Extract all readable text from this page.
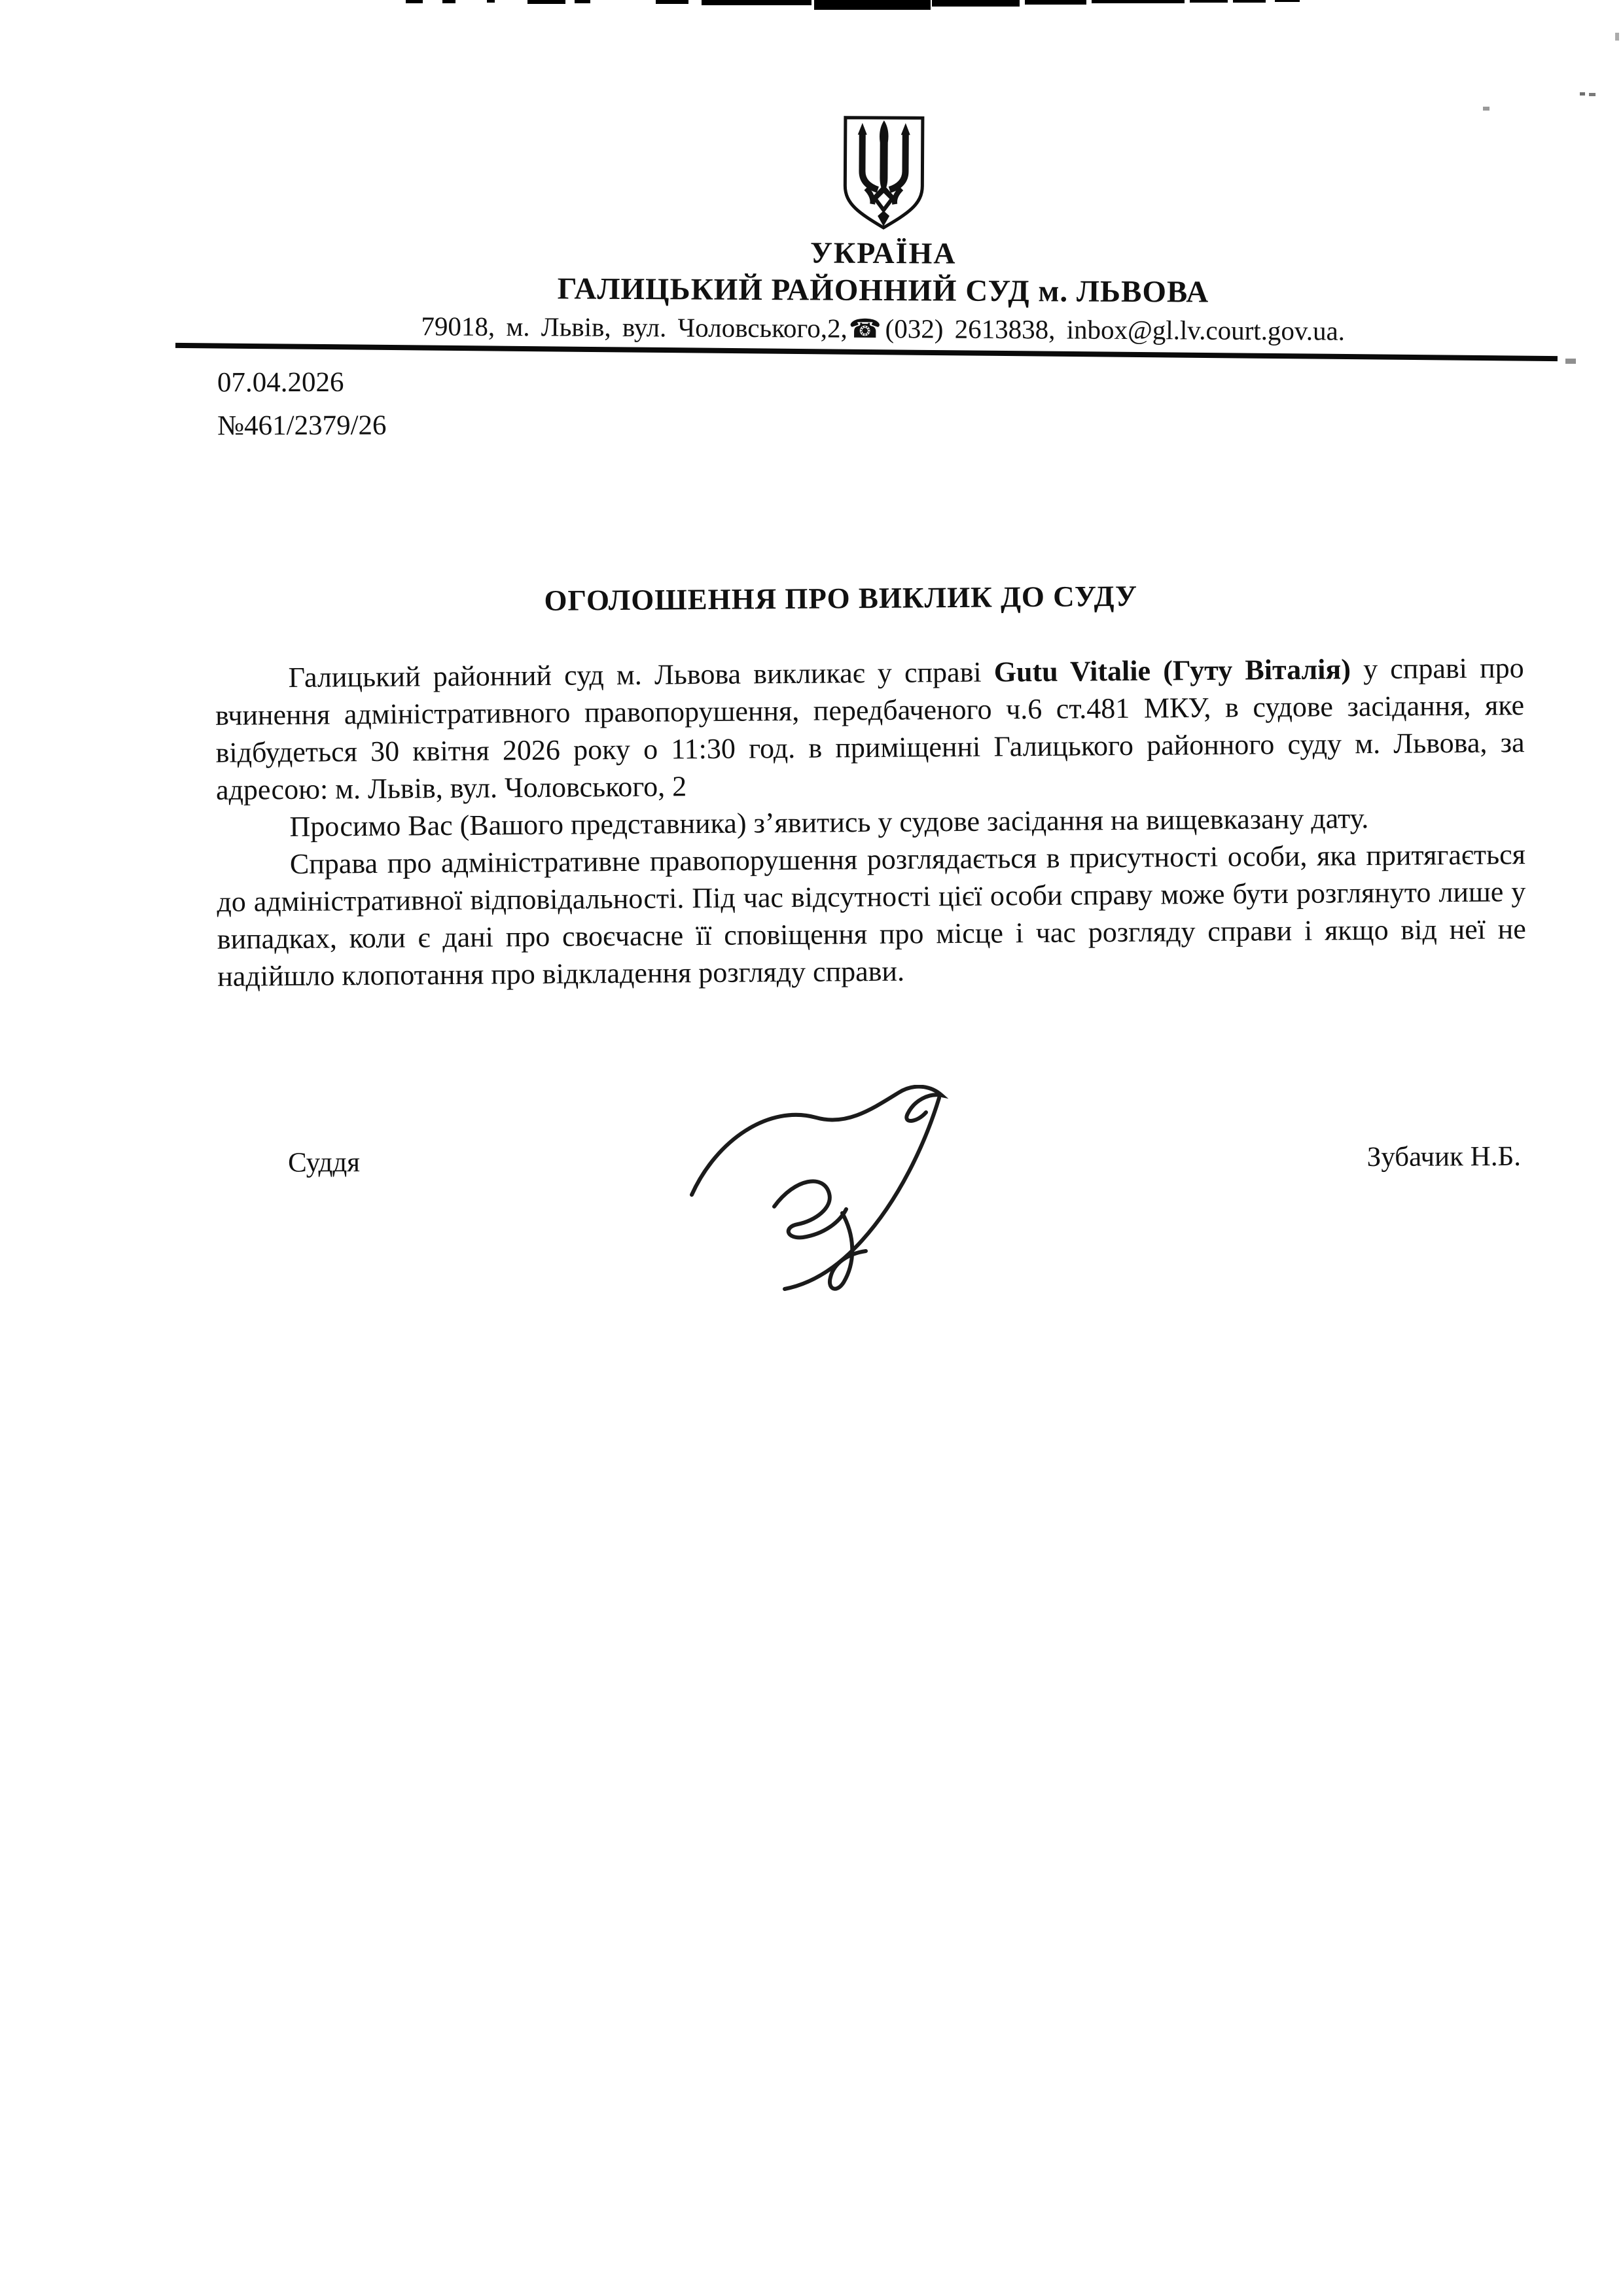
УКРАЇНА
ГАЛИЦЬКИЙ РАЙОННИЙ СУД м. ЛЬВОВА
79018, м. Львів, вул. Чоловського,2,☎ (032) 2613838, inbox@gl.lv.court.gov.ua.
07.04.2026
№461/2379/26
ОГОЛОШЕННЯ ПРО ВИКЛИК ДО СУДУ

Галицький районний суд м. Львова викликає у справі Gutu Vitalie (Гуту Віталія) у справі про вчинення адміністративного правопорушення, передбаченого ч.6 ст.481 МКУ, в судове засідання, яке відбудеться 30 квітня 2026 року о 11:30 год. в приміщенні Галицького районного суду м. Львова, за адресою: м. Львів, вул. Чоловського, 2

Просимо Вас (Вашого представника) з’явитись у судове засідання на вищевказану дату.

Справа про адміністративне правопорушення розглядається в присутності особи, яка притягається до адміністративної відповідальності. Під час відсутності цієї особи справу може бути розглянуто лише у випадках, коли є дані про своєчасне її сповіщення про місце і час розгляду справи і якщо від неї не надійшло клопотання про відкладення розгляду справи.

Суддя	Зубачик Н.Б.
